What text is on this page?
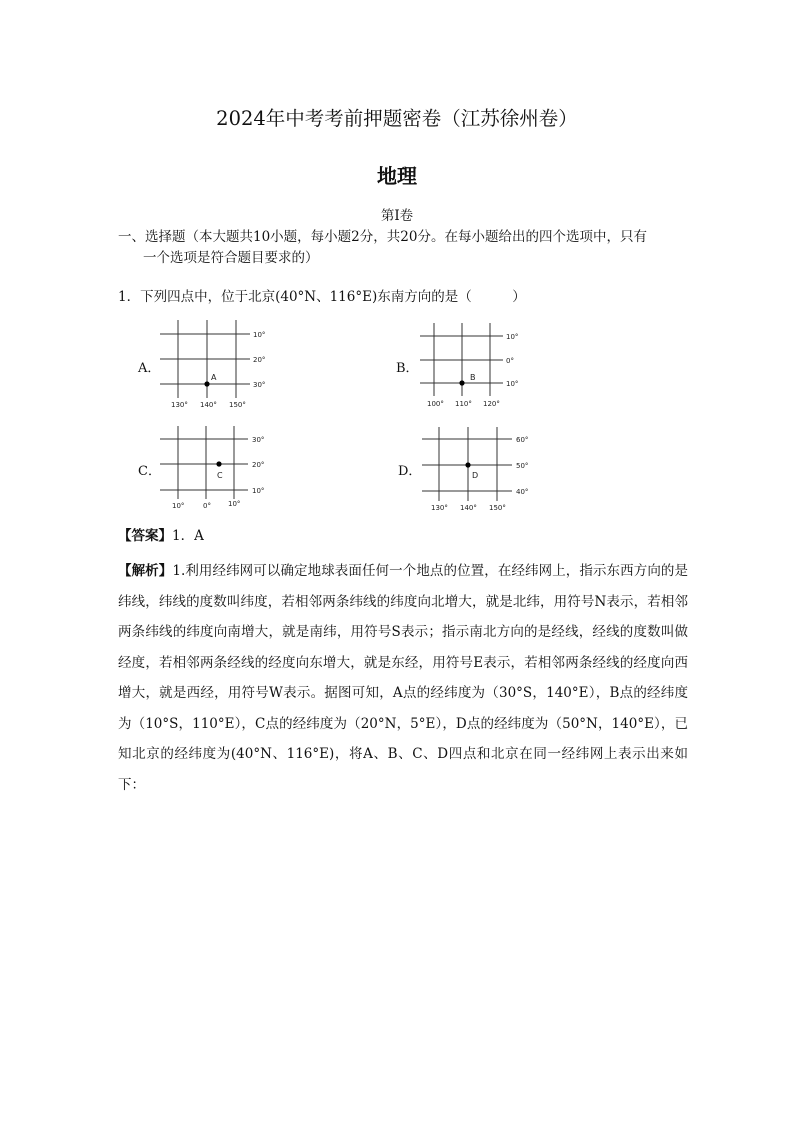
2024年中考考前押题密卷（江苏徐州卷）
地理
第Ⅰ卷
一、选择题（本大题共10小题，每小题2分，共20分。在每小题给出的四个选项中，只有
一个选项是符合题目要求的）
1．下列四点中，位于北京(40°N、116°E)东南方向的是（　　　）
A．
10°
20°
30°
130° 140° 150°
A
B．
10°
0°
10°
100° 110° 120°
B
C．
30°
20°
10°
10°	0° 10°
C	D．
60°
50°
40°
130° 140° 150°
D
【答案】1．A
【解析】1.利用经纬网可以确定地球表面任何一个地点的位置，在经纬网上，指示东西方向的是纬线，纬线的度数叫纬度，若相邻两条纬线的纬度向北增大，就是北纬，用符号N表示，若相邻两条纬线的纬度向南增大，就是南纬，用符号S表示；指示南北方向的是经线，经线的度数叫做经度，若相邻两条经线的经度向东增大，就是东经，用符号E表示，若相邻两条经线的经度向西增大，就是西经，用符号W表示。据图可知，A点的经纬度为（30°S，140°E），B点的经纬度为（10°S，110°E），C点的经纬度为（20°N，5°E），D点的经纬度为（50°N，140°E），已知北京的经纬度为(40°N、116°E)，将A、B、C、D四点和北京在同一经纬网上表示出来如下：
